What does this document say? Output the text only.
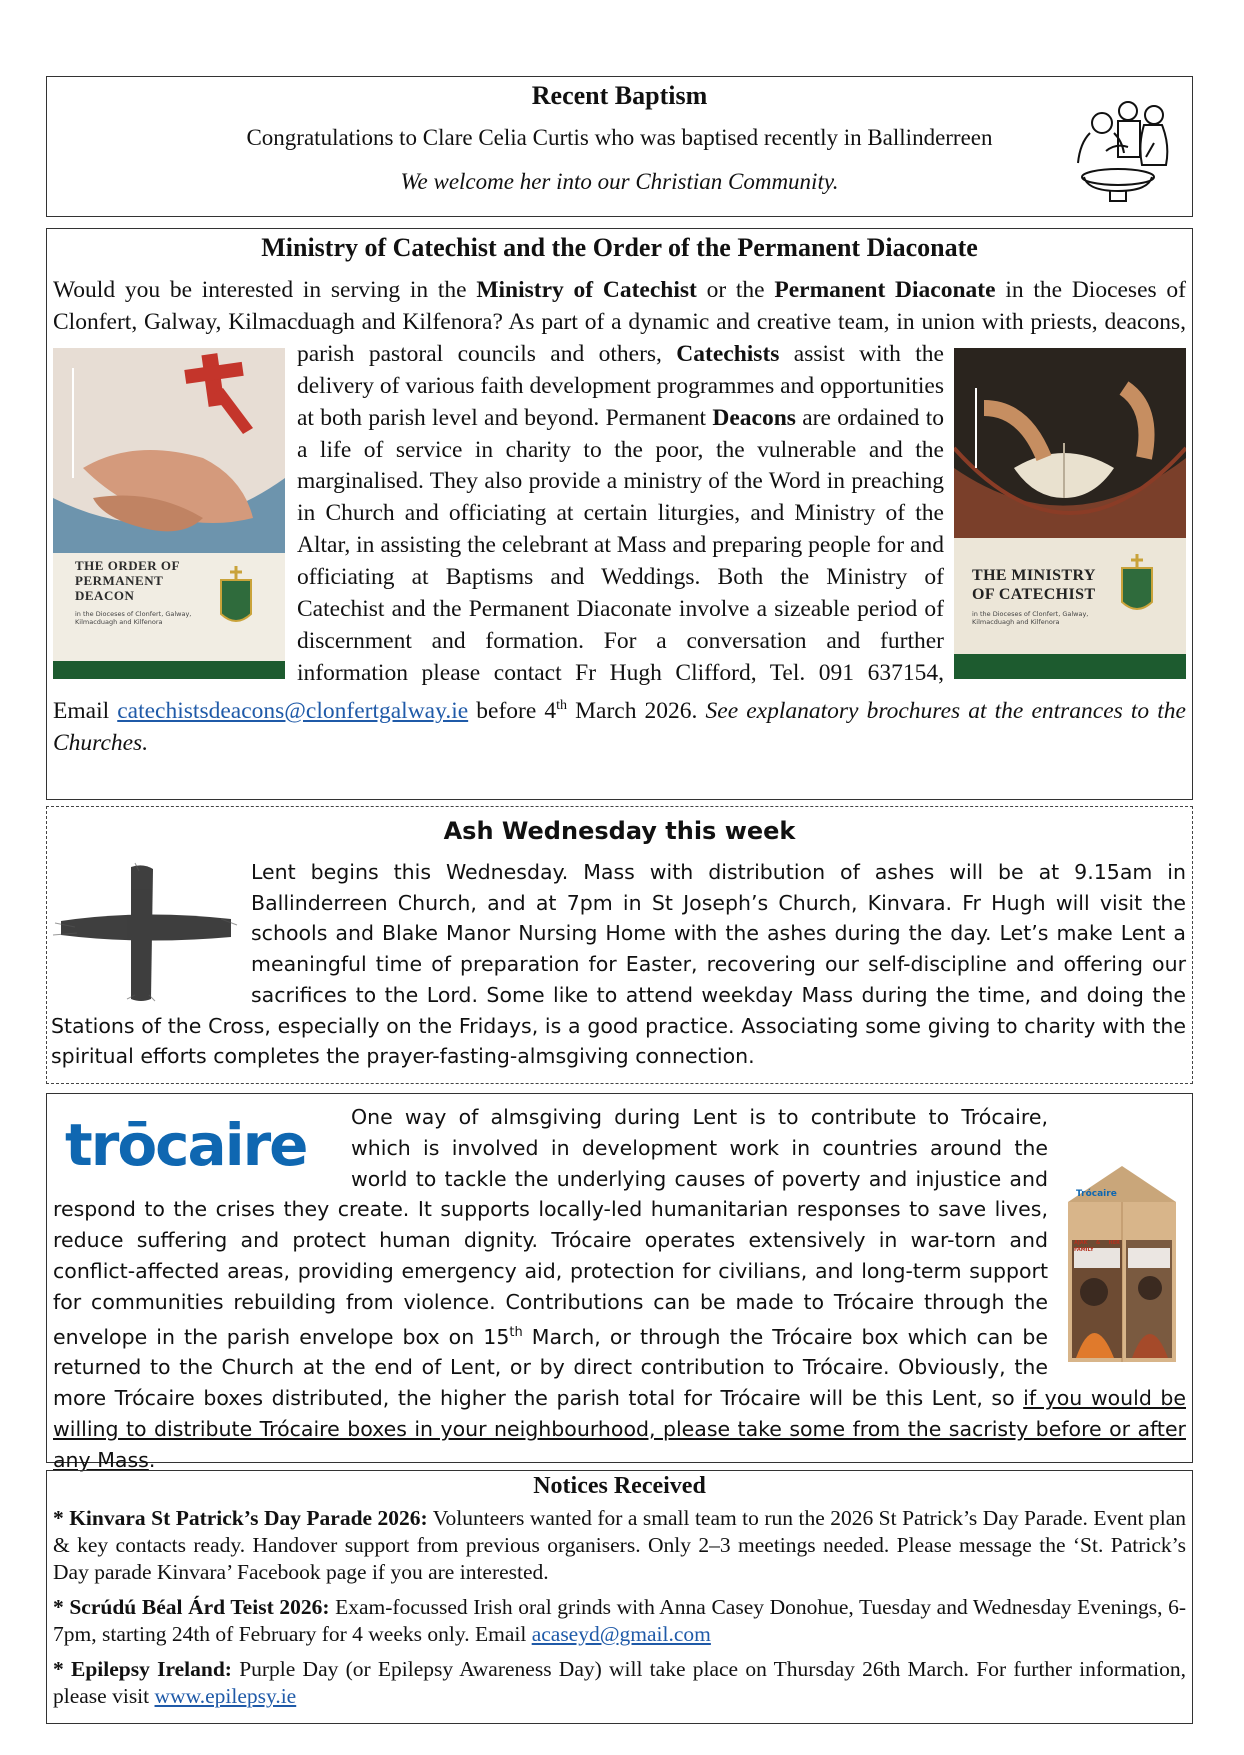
Recent Baptism
Congratulations to Clare Celia Curtis who was baptised recently in Ballinderreen
We welcome her into our Christian Community.
Ministry of Catechist and the Order of the Permanent Diaconate
Would you be interested in serving in the Ministry of Catechist or the Permanent Diaconate in the Dioceses of Clonfert, Galway, Kilmacduagh and Kilfenora? As part of a dynamic and creative team, in union with priests, deacons, parish pastoral councils and others,
THE ORDER OF
PERMANENT
DEACON
in the Dioceses of Clonfert, Galway,
Kilmacduagh and Kilfenora
THE MINISTRY
OF CATECHIST
in the Dioceses of Clonfert, Galway,
Kilmacduagh and Kilfenora
Catechists assist with the delivery of various faith development programmes and opportunities at both parish level and beyond. Permanent Deacons are ordained to a life of service in charity to the poor, the vulnerable and the marginalised. They also provide a ministry of the Word in preaching in Church and officiating at certain liturgies, and Ministry of the Altar, in assisting the celebrant at Mass and preparing people for and officiating at Baptisms and Weddings. Both the Ministry of Catechist and the Permanent Diaconate involve a sizeable period of discernment and formation. For a conversation and further information please contact Fr Hugh Clifford, Tel. 091 637154, Email catechistsdeacons@clonfertgalway.ie before 4th March 2026. See explanatory brochures at the entrances to the Churches.
Ash Wednesday this week
Lent begins this Wednesday. Mass with distribution of ashes will be at 9.15am in Ballinderreen Church, and at 7pm in St Joseph’s Church, Kinvara. Fr Hugh will visit the schools and Blake Manor Nursing Home with the ashes during the day. Let’s make Lent a meaningful time of preparation for Easter, recovering our self-discipline and offering our sacrifices to the Lord. Some like to attend weekday Mass during the time, and doing the Stations of the Cross, especially on the Fridays, is a good practice. Associating some giving to charity with the spiritual efforts completes the prayer-fasting-almsgiving connection.
trōcaire
Trócaire
AJAK & HER FAMILY
One way of almsgiving during Lent is to contribute to Trócaire, which is involved in development work in countries around the world to tackle the underlying causes of poverty and injustice and respond to the crises they create. It supports locally-led humanitarian responses to save lives, reduce suffering and protect human dignity. Trócaire operates extensively in war-torn and conflict-affected areas, providing emergency aid, protection for civilians, and long-term support for communities rebuilding from violence. Contributions can be made to Trócaire through the envelope in the parish envelope box on 15th March, or through the Trócaire box which can be returned to the Church at the end of Lent, or by direct contribution to Trócaire. Obviously, the more Trócaire boxes distributed, the higher the parish total for Trócaire will be this Lent, so if you would be willing to distribute Trócaire boxes in your neighbourhood, please take some from the sacristy before or after any Mass.
Notices Received
* Kinvara St Patrick’s Day Parade 2026: Volunteers wanted for a small team to run the 2026 St Patrick’s Day Parade. Event plan & key contacts ready. Handover support from previous organisers. Only 2–3 meetings needed. Please message the ‘St. Patrick’s Day parade Kinvara’ Facebook page if you are interested.
* Scrúdú Béal Árd Teist 2026: Exam-focussed Irish oral grinds with Anna Casey Donohue, Tuesday and Wednesday Evenings, 6-7pm, starting 24th of February for 4 weeks only. Email acaseyd@gmail.com
* Epilepsy Ireland: Purple Day (or Epilepsy Awareness Day) will take place on Thursday 26th March. For further information, please visit www.epilepsy.ie
